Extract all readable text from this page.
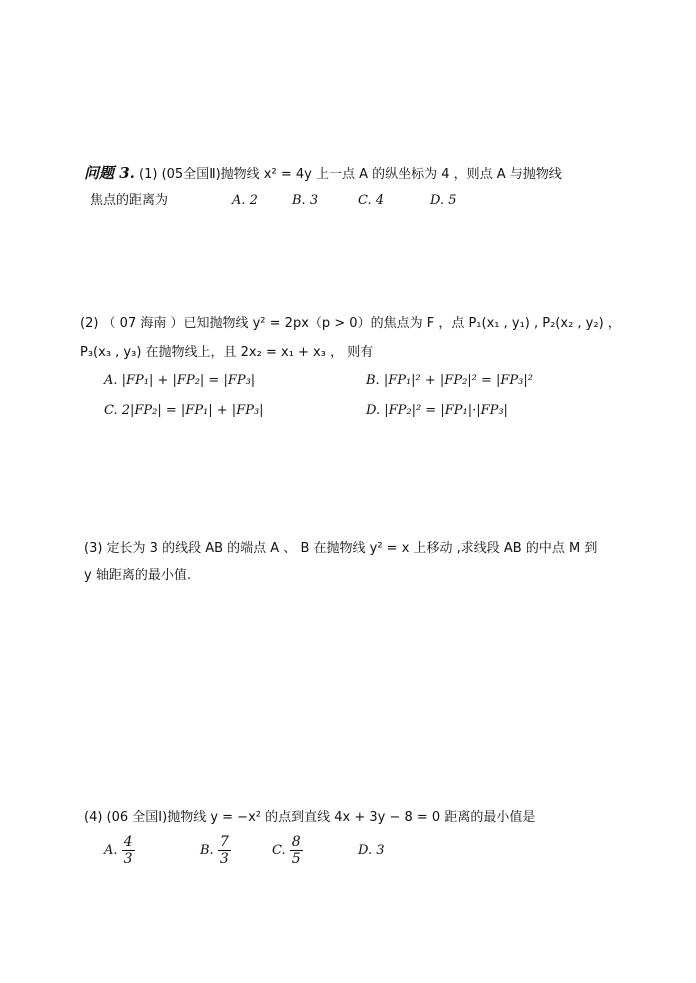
问题 3. (1) (05全国Ⅱ)抛物线 x² = 4y 上一点 A 的纵坐标为 4 ，则点 A 与抛物线
焦点的距离为	A. 2	B. 3	C. 4	D. 5
(2) （ 07 海南 ）已知抛物线 y² = 2px（p > 0）的焦点为 F ，点 P₁(x₁ , y₁) , P₂(x₂ , y₂) ，
P₃(x₃ , y₃) 在抛物线上，且 2x₂ = x₁ + x₃ ， 则有
A. |FP₁| + |FP₂| = |FP₃|	B. |FP₁|² + |FP₂|² = |FP₃|²
C. 2|FP₂| = |FP₁| + |FP₃|	D. |FP₂|² = |FP₁|·|FP₃|
(3) 定长为 3 的线段 AB 的端点 A 、 B 在抛物线 y² = x 上移动 ,求线段 AB 的中点 M 到
y 轴距离的最小值.
(4) (06 全国Ⅰ)抛物线 y = −x² 的点到直线 4x + 3y − 8 = 0 距离的最小值是
A. $\frac{4}{3}$	B. $\frac{7}{3}$	C. $\frac{8}{5}$	D. 3
